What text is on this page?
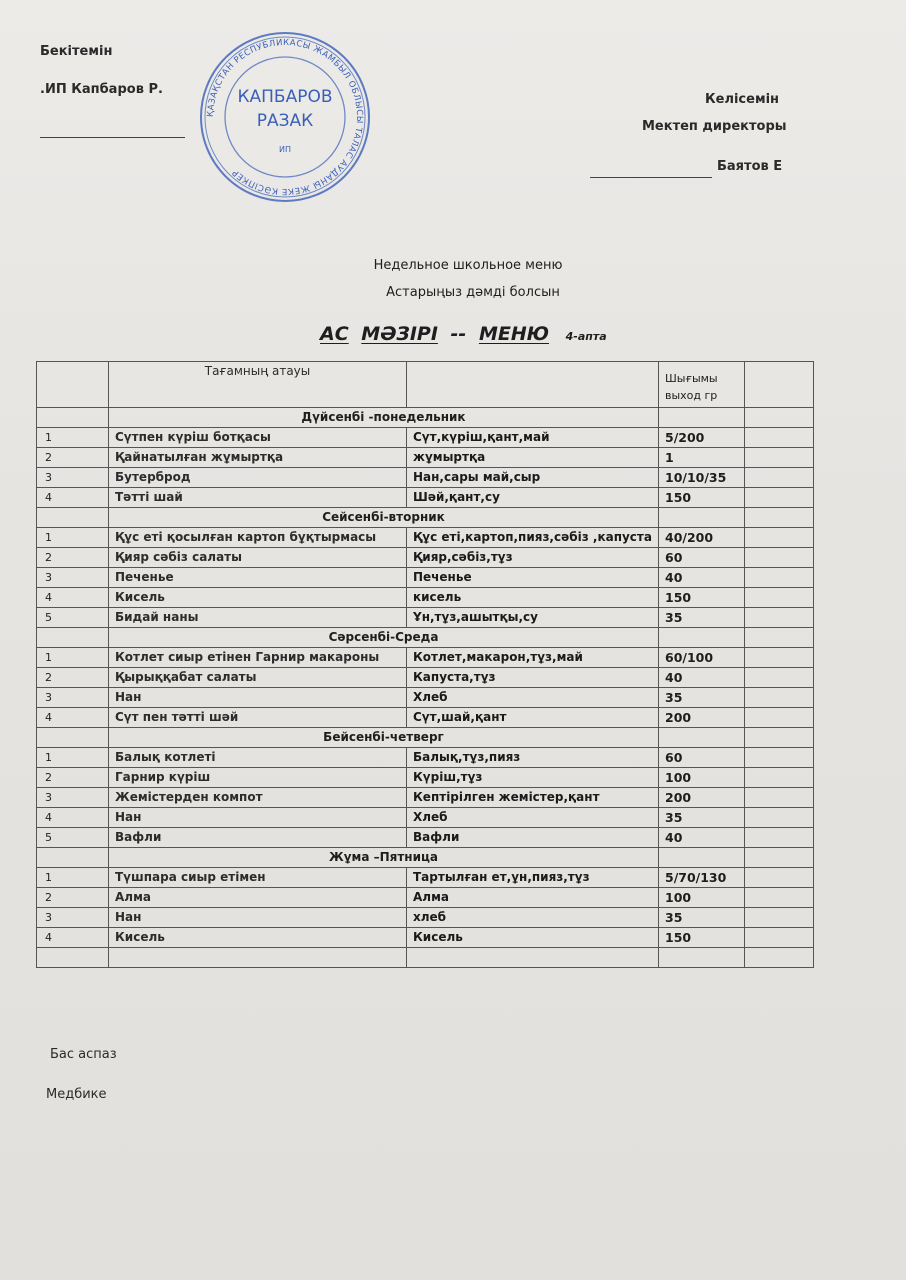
Бекітемін
.ИП Капбаров Р.
ҚАЗАҚСТАН РЕСПУБЛИКАСЫ ЖАМБЫЛ ОБЛЫСЫ ТАЛАС АУДАНЫ ЖЕКЕ КӘСІПКЕР
КАПБАРОВ
РАЗАК
ИП
Келісемін
Мектеп директоры
Баятов Е
Недельное школьное меню
Астарыңыз дәмді болсын
АС МӘЗІРІ -- МЕНЮ 4-апта
	Тағамның атауы		Шығымы
выход гр	

	Дүйсенбі -понедельник			
1	Сүтпен күріш ботқасы	Сүт,күріш,қант,май	5/200	
2	Қайнатылған жұмыртқа	жұмыртқа	1	
3	Бутерброд	Нан,сары май,сыр	10/10/35	
4	Тәтті шай	Шәй,қант,су	150	
	Сейсенбі-вторник			
1	Құс еті қосылған картоп бұқтырмасы	Құс еті,картоп,пияз,сәбіз ,капуста	40/200	
2	Қияр сәбіз салаты	Қияр,сәбіз,тұз	60	
3	Печенье	Печенье	40	
4	Кисель	кисель	150	
5	Бидай наны	Ұн,тұз,ашытқы,су	35	
	Сәрсенбі-Среда			
1	Котлет сиыр етінен Гарнир макароны	Котлет,макарон,тұз,май	60/100	
2	Қырыққабат салаты	Капуста,тұз	40	
3	Нан	Хлеб	35	
4	Сүт пен тәтті шәй	Сүт,шай,қант	200	
	Бейсенбі-четверг			
1	Балық котлеті	Балық,тұз,пияз	60	
2	Гарнир күріш	Күріш,тұз	100	
3	Жемістерден компот	Кептірілген жемістер,қант	200	
4	Нан	Хлеб	35	
5	Вафли	Вафли	40	
	Жұма –Пятница			
1	Түшпара сиыр етімен	Тартылған ет,ұн,пияз,тұз	5/70/130	
2	Алма	Алма	100	
3	Нан	хлеб	35	
4	Кисель	Кисель	150	

Бас аспаз
Медбике
